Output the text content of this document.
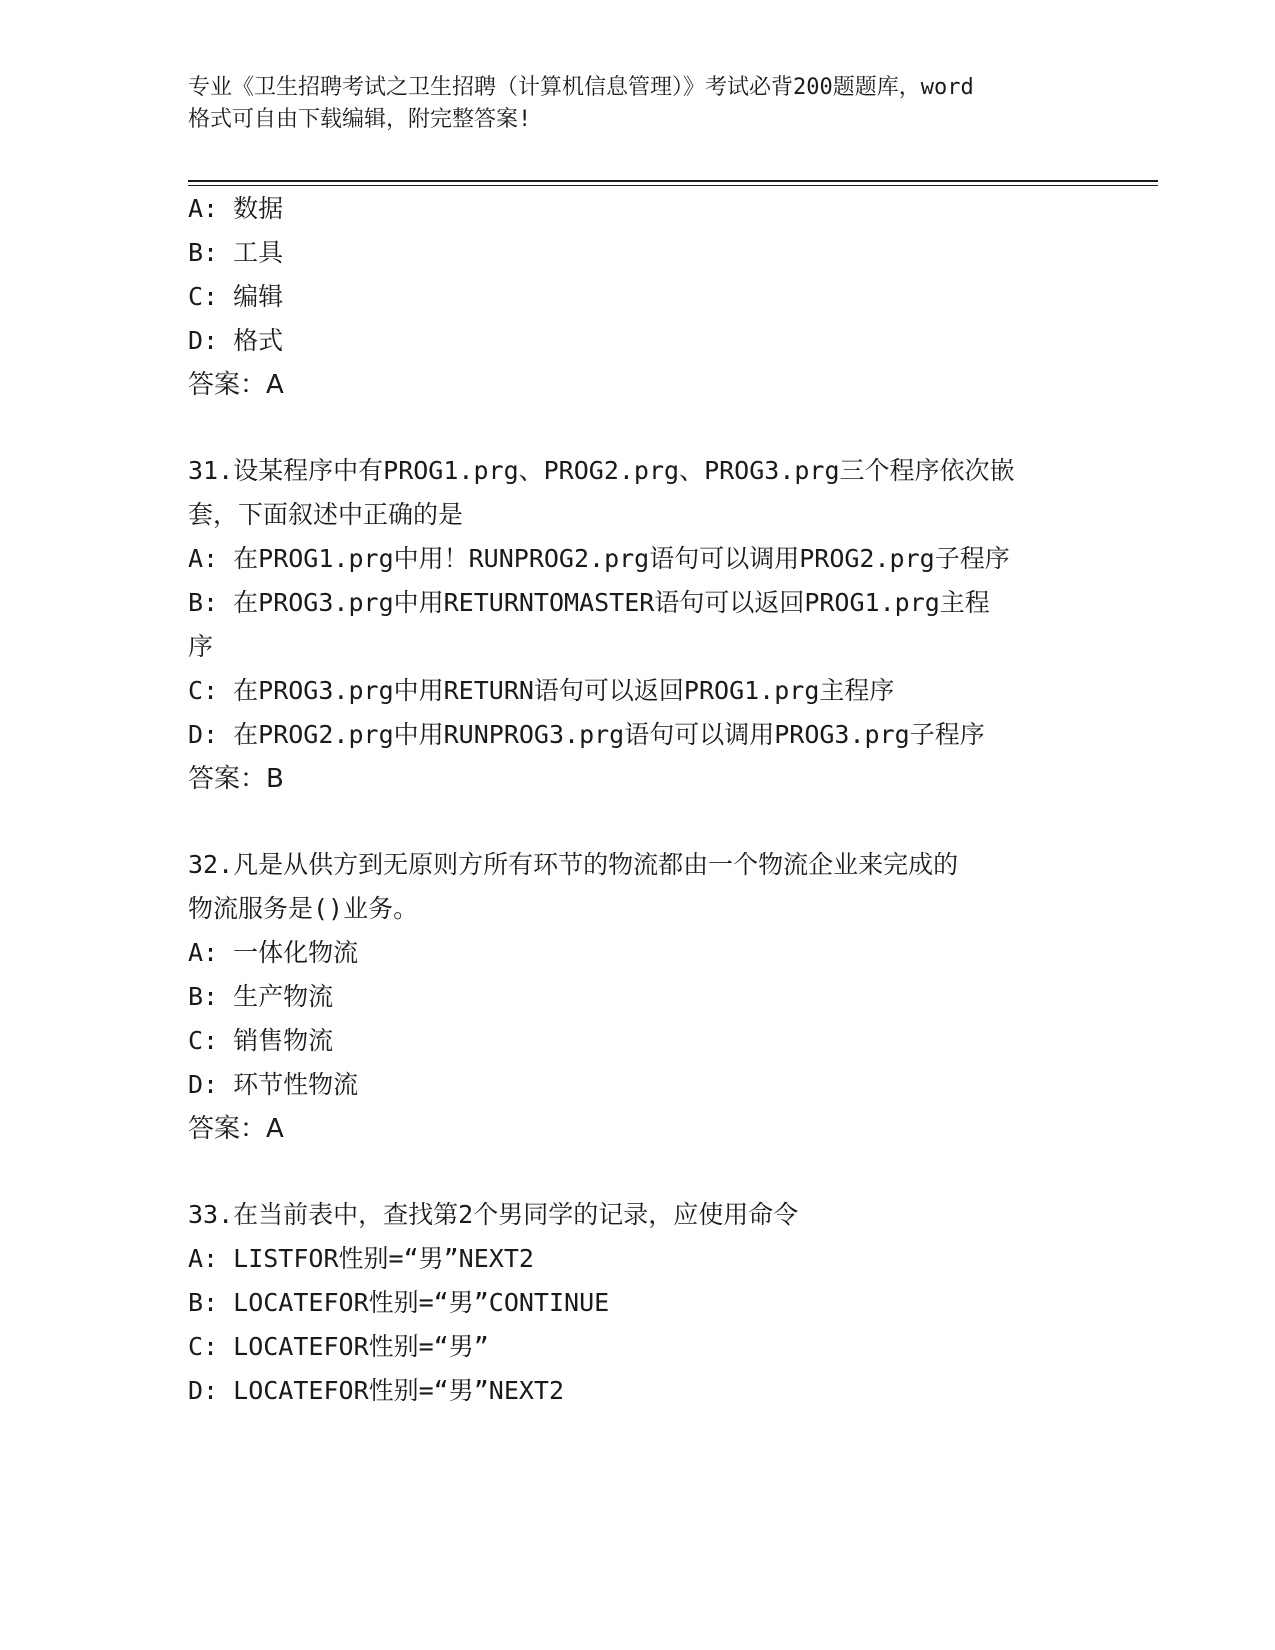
专业《卫生招聘考试之卫生招聘（计算机信息管理）》考试必背200题题库，word
格式可自由下载编辑，附完整答案!
A: 数据
B: 工具
C: 编辑
D: 格式
答案：A
31.设某程序中有PROG1.prg、PROG2.prg、PROG3.prg三个程序依次嵌
套，下面叙述中正确的是
A: 在PROG1.prg中用！RUNPROG2.prg语句可以调用PROG2.prg子程序
B: 在PROG3.prg中用RETURNTOMASTER语句可以返回PROG1.prg主程
序
C: 在PROG3.prg中用RETURN语句可以返回PROG1.prg主程序
D: 在PROG2.prg中用RUNPROG3.prg语句可以调用PROG3.prg子程序
答案：B
32.凡是从供方到无原则方所有环节的物流都由一个物流企业来完成的
物流服务是()业务。
A: 一体化物流
B: 生产物流
C: 销售物流
D: 环节性物流
答案：A
33.在当前表中，查找第2个男同学的记录，应使用命令
A: LISTFOR性别=“男”NEXT2
B: LOCATEFOR性别=“男”CONTINUE
C: LOCATEFOR性别=“男”
D: LOCATEFOR性别=“男”NEXT2
